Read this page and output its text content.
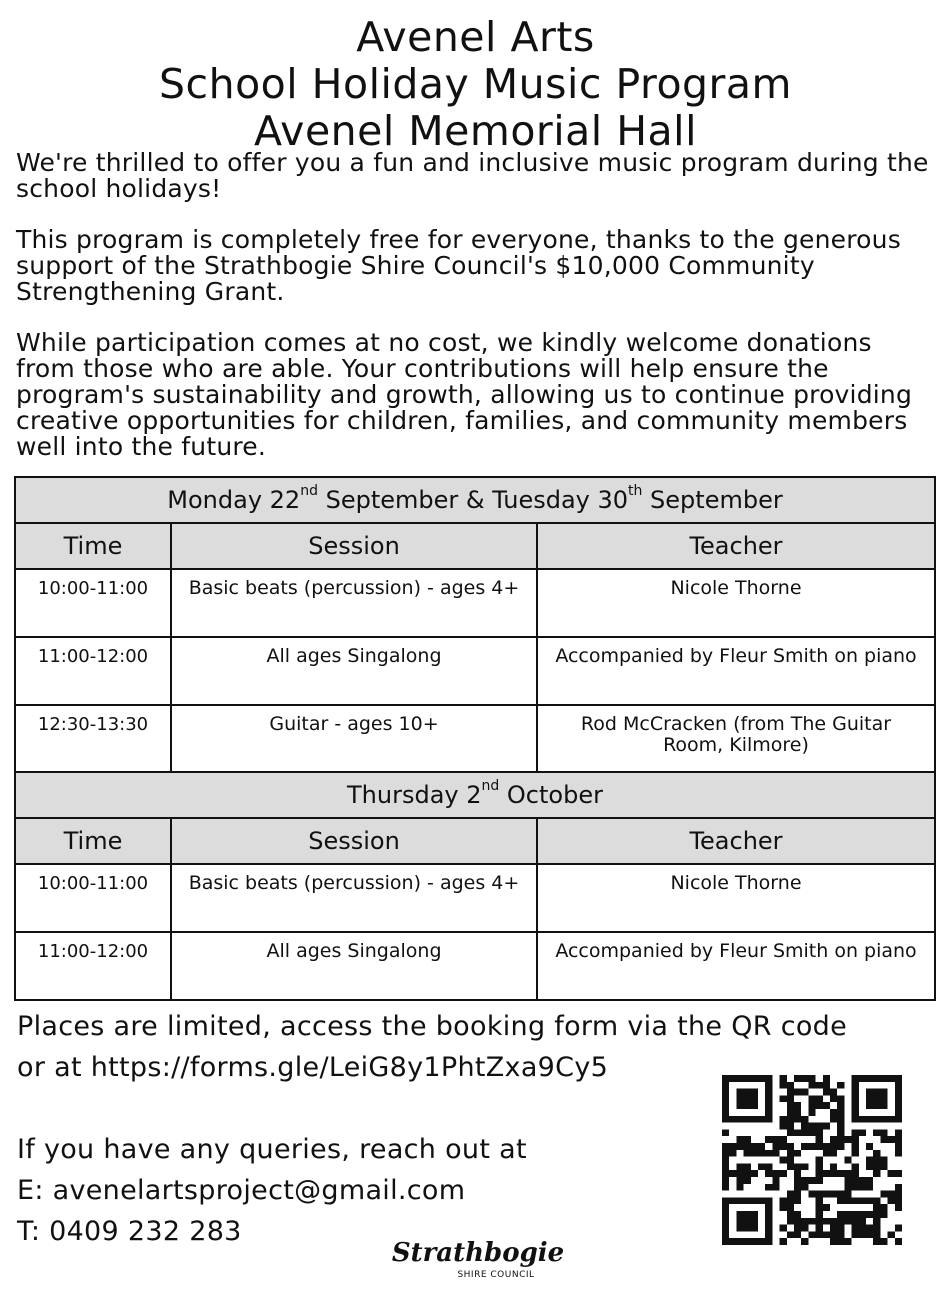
Avenel Arts
School Holiday Music Program
Avenel Memorial Hall

We're thrilled to offer you a fun and inclusive music program during the school holidays!

This program is completely free for everyone, thanks to the generous support of the Strathbogie Shire Council's $10,000 Community Strengthening Grant.

While participation comes at no cost, we kindly welcome donations from those who are able. Your contributions will help ensure the program's sustainability and growth, allowing us to continue providing creative opportunities for children, families, and community members well into the future.

Monday 22nd September & Tuesday 30th September		
Time	Session	Teacher
10:00-11:00	Basic beats (percussion) - ages 4+	Nicole Thorne
11:00-12:00	All ages Singalong	Accompanied by Fleur Smith on piano
12:30-13:30	Guitar - ages 10+	Rod McCracken (from The Guitar Room, Kilmore)
Thursday 2nd October		
Time	Session	Teacher
10:00-11:00	Basic beats (percussion) - ages 4+	Nicole Thorne
11:00-12:00	All ages Singalong	Accompanied by Fleur Smith on piano
Places are limited, access the booking form via the QR code
or at https://forms.gle/LeiG8y1PhtZxa9Cy5
If you have any queries, reach out at
E: avenelartsproject@gmail.com
T: 0409 232 283
Strathbogie
SHIRE COUNCIL
